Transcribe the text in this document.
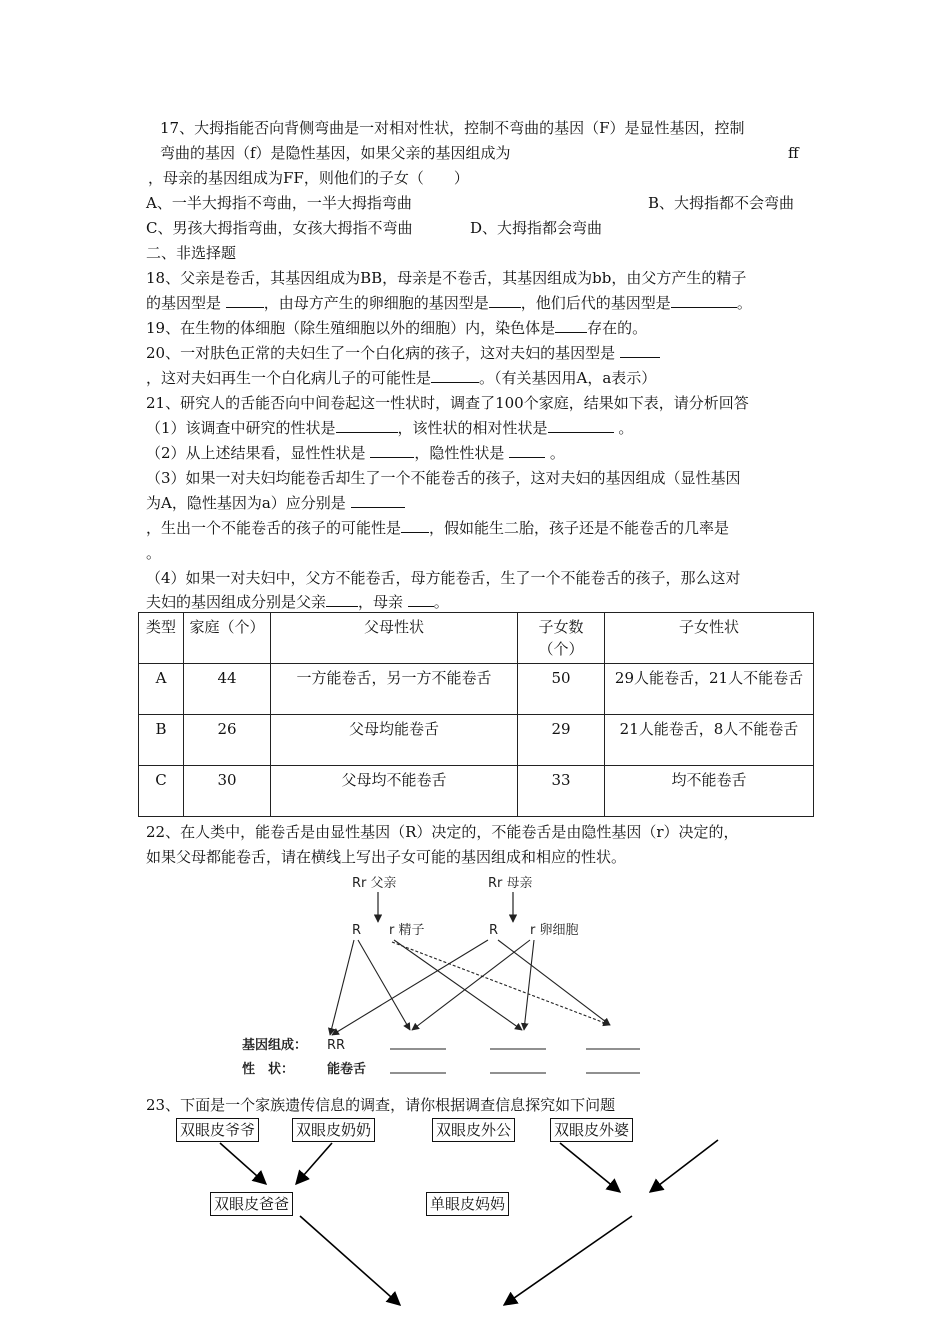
17、大拇指能否向背侧弯曲是一对相对性状，控制不弯曲的基因（F）是显性基因，控制
弯曲的基因（f）是隐性基因，如果父亲的基因组成为	ff
，母亲的基因组成为FF，则他们的子女（　　）
A、一半大拇指不弯曲，一半大拇指弯曲	B、大拇指都不会弯曲
C、男孩大拇指弯曲，女孩大拇指不弯曲	D、大拇指都会弯曲
二、非选择题
18、父亲是卷舌，其基因组成为BB，母亲是不卷舌，其基因组成为bb，由父方产生的精子
的基因型是	，由母方产生的卵细胞的基因型是 ，他们后代的基因型是	。
19、在生物的体细胞（除生殖细胞以外的细胞）内，染色体是 存在的。
20、一对肤色正常的夫妇生了一个白化病的孩子，这对夫妇的基因型是
，这对夫妇再生一个白化病儿子的可能性是	。（有关基因用A，a表示）
21、研究人的舌能否向中间卷起这一性状时，调查了100个家庭，结果如下表，请分析回答
（1）该调查中研究的性状是	，该性状的相对性状是	。
（2）从上述结果看，显性性状是	，隐性性状是  。
（3）如果一对夫妇均能卷舌却生了一个不能卷舌的孩子，这对夫妇的基因组成（显性基因
为A，隐性基因为a）应分别是
，生出一个不能卷舌的孩子的可能性是 ，假如能生二胎，孩子还是不能卷舌的几率是
。
（4）如果一对夫妇中，父方不能卷舌，母方能卷舌，生了一个不能卷舌的孩子，那么这对
夫妇的基因组成分别是父亲 ，母亲 。
类型	家庭（个）	父母性状	子女数（个）	子女性状
A	44	一方能卷舌，另一方不能卷舌	50	29人能卷舌，21人不能卷舌
B	26	父母均能卷舌	29	21人能卷舌，8人不能卷舌
C	30	父母均不能卷舌	33	均不能卷舌
22、在人类中，能卷舌是由显性基因（R）决定的，不能卷舌是由隐性基因（r）决定的，
如果父母都能卷舌，请在横线上写出子女可能的基因组成和相应的性状。
Rr 父亲	Rr 母亲
R r 精子	R r 卵细胞
基因组成： RR
性　状：	能卷舌
23、下面是一个家族遗传信息的调查，请你根据调查信息探究如下问题
双眼皮爷爷	双眼皮奶奶	双眼皮外公	双眼皮外婆
双眼皮爸爸	单眼皮妈妈
